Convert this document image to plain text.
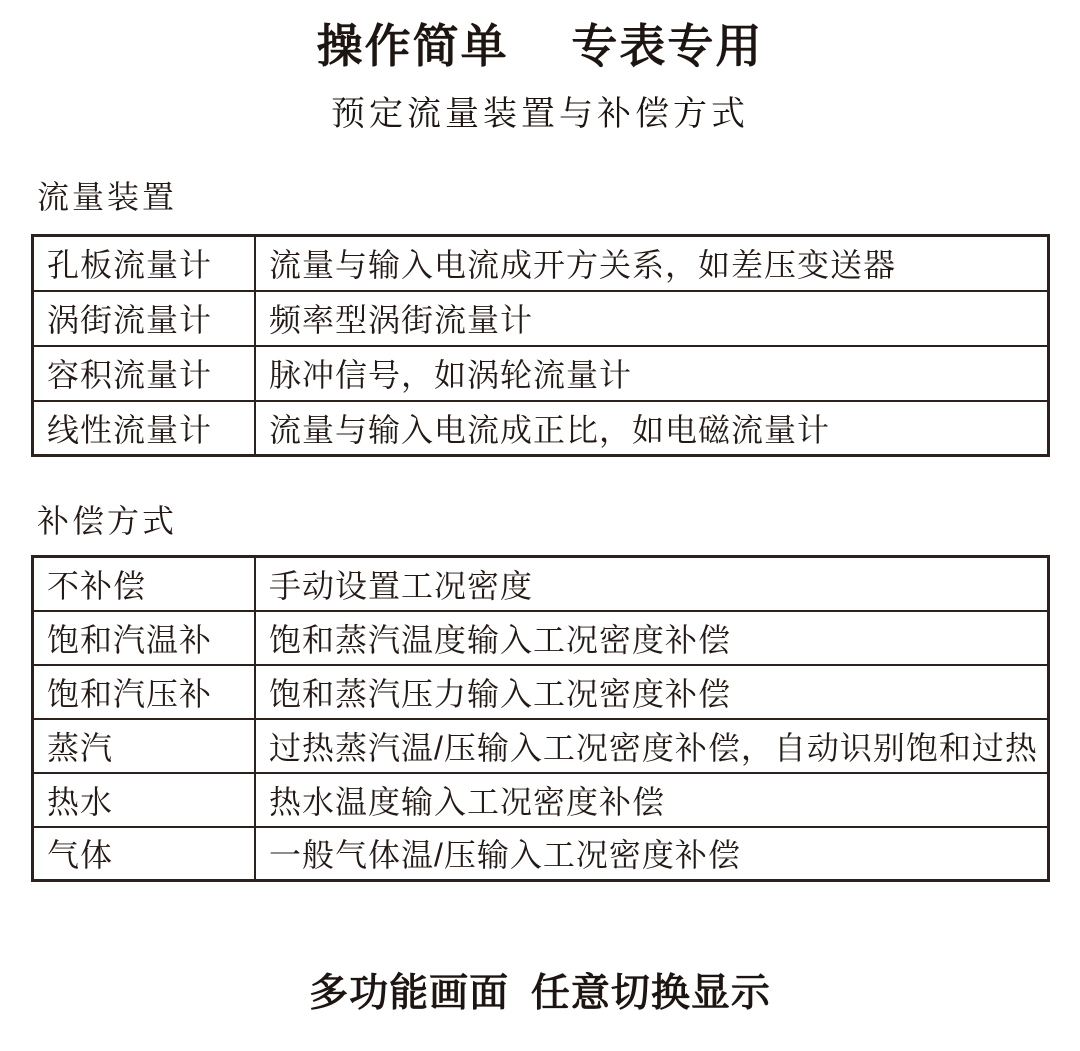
操作简单 专表专用
预定流量装置与补偿方式
流量装置
孔板流量计	流量与输入电流成开方关系，如差压变送器
涡街流量计	频率型涡街流量计
容积流量计	脉冲信号，如涡轮流量计
线性流量计	流量与输入电流成正比，如电磁流量计
补偿方式
不补偿	手动设置工况密度
饱和汽温补	饱和蒸汽温度输入工况密度补偿
饱和汽压补	饱和蒸汽压力输入工况密度补偿
蒸汽	过热蒸汽温/压输入工况密度补偿，自动识别饱和过热
热水	热水温度输入工况密度补偿
气体	一般气体温/压输入工况密度补偿
多功能画面 任意切换显示
